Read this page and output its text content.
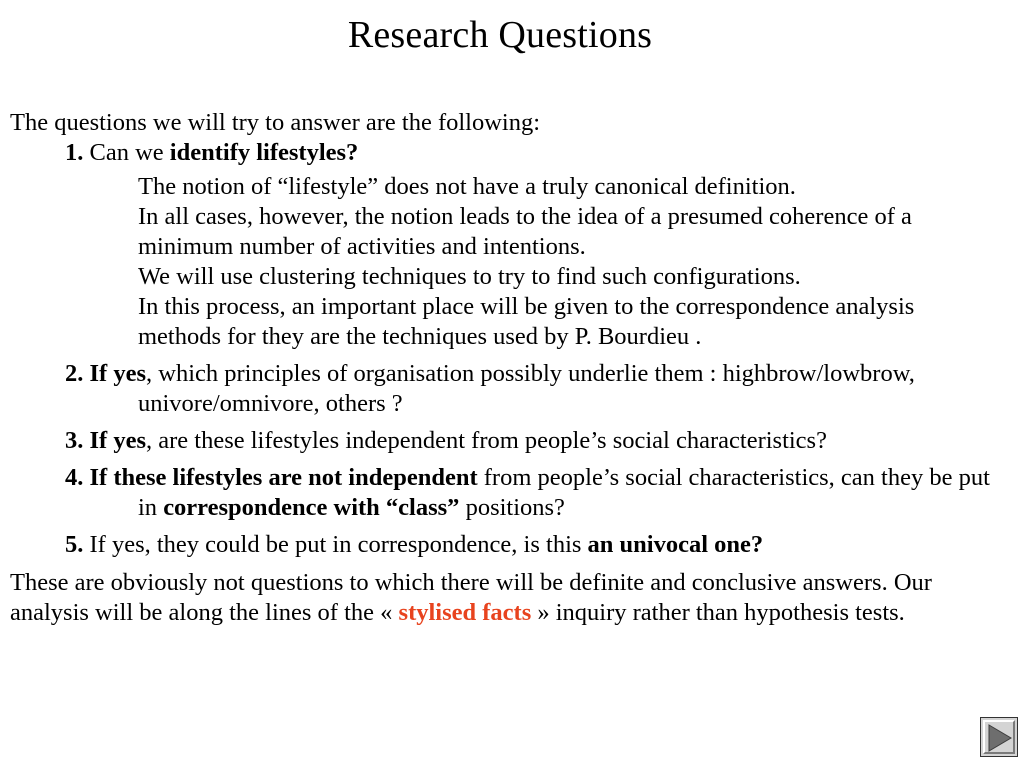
Research Questions
The questions we will try to answer are the following:
1. Can we identify lifestyles?
The notion of “lifestyle” does not have a truly canonical definition.
In all cases, however, the notion leads to the idea of a presumed coherence of a minimum number of activities and intentions.
We will use clustering techniques to try to find such configurations.
In this process, an important place will be given to the correspondence analysis methods for they are the techniques used by P. Bourdieu .
2. If yes, which principles of organisation possibly underlie them : highbrow/lowbrow, univore/omnivore, others ?
3. If yes, are these lifestyles independent from people’s social characteristics?
4. If these lifestyles are not independent from people’s social characteristics, can they be put in correspondence with “class” positions?
5. If yes, they could be put in correspondence, is this an univocal one?
These are obviously not questions to which there will be definite and conclusive answers. Our analysis will be along the lines of the « stylised facts » inquiry rather than hypothesis tests.
